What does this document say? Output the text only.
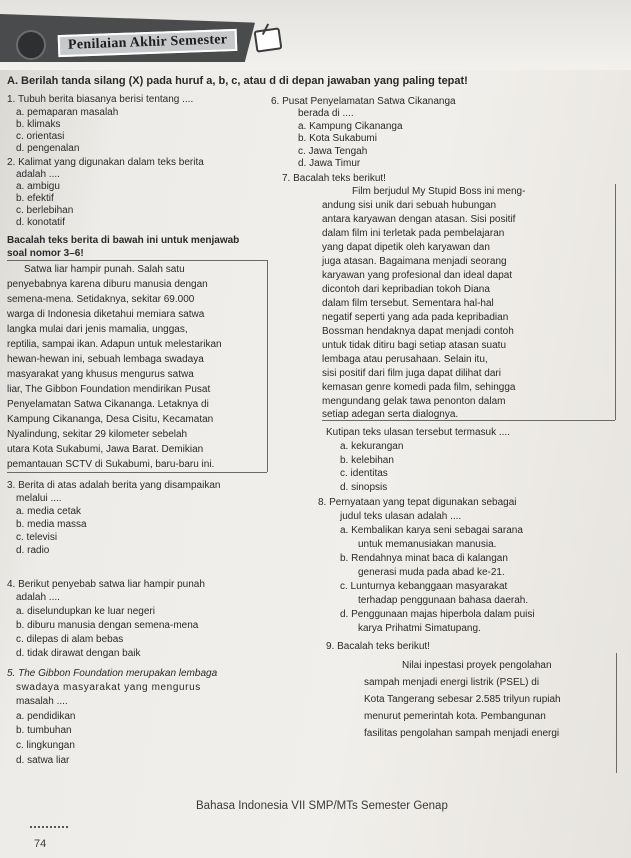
Penilaian Akhir Semester
A. Berilah tanda silang (X) pada huruf a, b, c, atau d di depan jawaban yang paling tepat!
1. Tubuh berita biasanya berisi tentang ....
a. pemaparan masalah
b. klimaks
c. orientasi
d. pengenalan
2. Kalimat yang digunakan dalam teks berita
adalah ....
a. ambigu
b. efektif
c. berlebihan
d. konotatif
Bacalah teks berita di bawah ini untuk menjawab
soal nomor 3–6!
Satwa liar hampir punah. Salah satu
penyebabnya karena diburu manusia dengan
semena-mena. Setidaknya, sekitar 69.000
warga di Indonesia diketahui memiara satwa
langka mulai dari jenis mamalia, unggas,
reptilia, sampai ikan. Adapun untuk melestarikan
hewan-hewan ini, sebuah lembaga swadaya
masyarakat yang khusus mengurus satwa
liar, The Gibbon Foundation mendirikan Pusat
Penyelamatan Satwa Cikananga. Letaknya di
Kampung Cikananga, Desa Cisitu, Kecamatan
Nyalindung, sekitar 29 kilometer sebelah
utara Kota Sukabumi, Jawa Barat. Demikian
pemantauan SCTV di Sukabumi, baru-baru ini.
3. Berita di atas adalah berita yang disampaikan
melalui ....
a. media cetak
b. media massa
c. televisi
d. radio
4. Berikut penyebab satwa liar hampir punah
adalah ....
a. diselundupkan ke luar negeri
b. diburu manusia dengan semena-mena
c. dilepas di alam bebas
d. tidak dirawat dengan baik
5. The Gibbon Foundation merupakan lembaga
swadaya masyarakat yang mengurus
masalah ....
a. pendidikan
b. tumbuhan
c. lingkungan
d. satwa liar
6. Pusat Penyelamatan Satwa Cikananga
berada di ....
a. Kampung Cikananga
b. Kota Sukabumi
c. Jawa Tengah
d. Jawa Timur
7. Bacalah teks berikut!
Film berjudul My Stupid Boss ini meng-
andung sisi unik dari sebuah hubungan
antara karyawan dengan atasan. Sisi positif
dalam film ini terletak pada pembelajaran
yang dapat dipetik oleh karyawan dan
juga atasan. Bagaimana menjadi seorang
karyawan yang profesional dan ideal dapat
dicontoh dari kepribadian tokoh Diana
dalam film tersebut. Sementara hal-hal
negatif seperti yang ada pada kepribadian
Bossman hendaknya dapat menjadi contoh
untuk tidak ditiru bagi setiap atasan suatu
lembaga atau perusahaan. Selain itu,
sisi positif dari film juga dapat dilihat dari
kemasan genre komedi pada film, sehingga
mengundang gelak tawa penonton dalam
setiap adegan serta dialognya.
Kutipan teks ulasan tersebut termasuk ....
a. kekurangan
b. kelebihan
c. identitas
d. sinopsis
8. Pernyataan yang tepat digunakan sebagai
judul teks ulasan adalah ....
a. Kembalikan karya seni sebagai sarana
untuk memanusiakan manusia.
b. Rendahnya minat baca di kalangan
generasi muda pada abad ke-21.
c. Lunturnya kebanggaan masyarakat
terhadap penggunaan bahasa daerah.
d. Penggunaan majas hiperbola dalam puisi
karya Prihatmi Simatupang.
9. Bacalah teks berikut!
Nilai inpestasi proyek pengolahan
sampah menjadi energi listrik (PSEL) di
Kota Tangerang sebesar 2.585 trilyun rupiah
menurut pemerintah kota. Pembangunan
fasilitas pengolahan sampah menjadi energi
Bahasa Indonesia VII SMP/MTs Semester Genap
74
